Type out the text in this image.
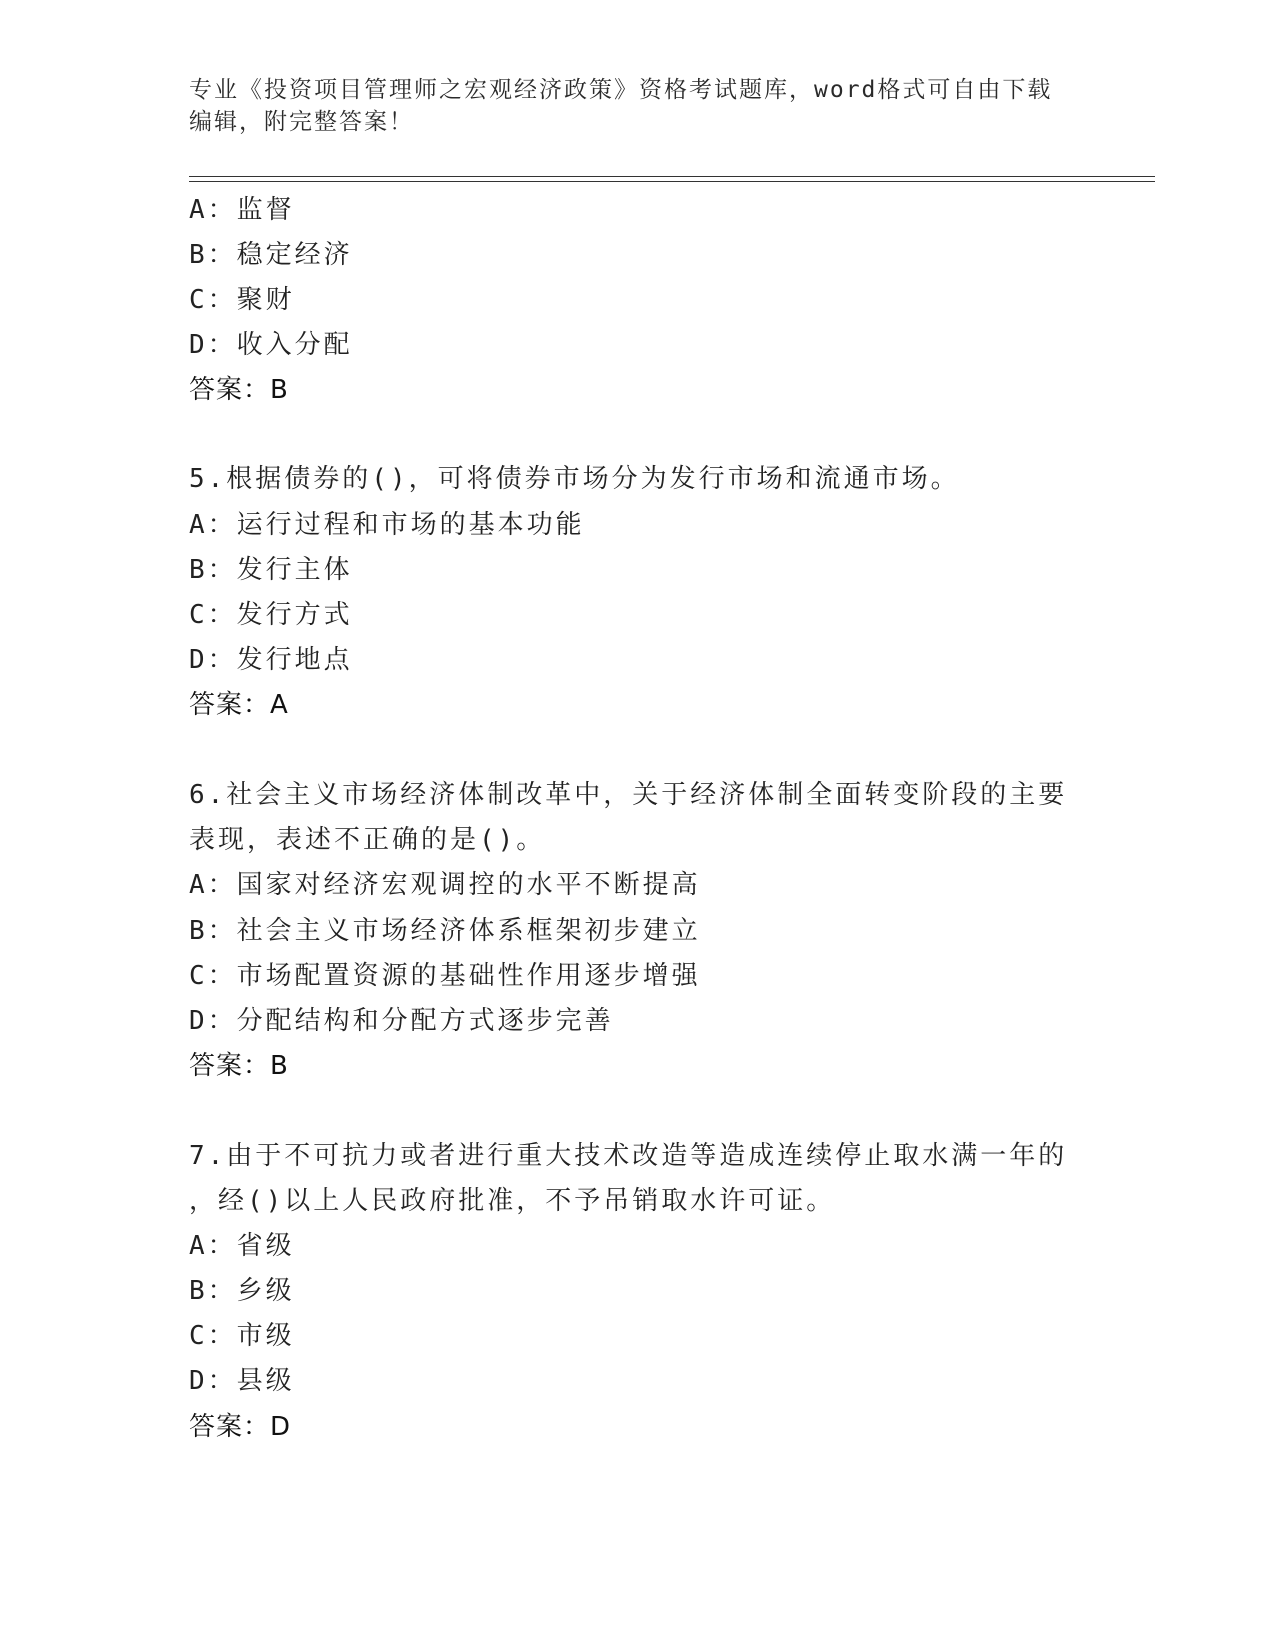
专业《投资项目管理师之宏观经济政策》资格考试题库，word格式可自由下载编辑，附完整答案！
A：监督
B：稳定经济
C：聚财
D：收入分配
答案：B
5.根据债券的()，可将债券市场分为发行市场和流通市场。
A：运行过程和市场的基本功能
B：发行主体
C：发行方式
D：发行地点
答案：A
6.社会主义市场经济体制改革中，关于经济体制全面转变阶段的主要
表现，表述不正确的是()。
A：国家对经济宏观调控的水平不断提高
B：社会主义市场经济体系框架初步建立
C：市场配置资源的基础性作用逐步增强
D：分配结构和分配方式逐步完善
答案：B
7.由于不可抗力或者进行重大技术改造等造成连续停止取水满一年的
，经()以上人民政府批准，不予吊销取水许可证。
A：省级
B：乡级
C：市级
D：县级
答案：D
